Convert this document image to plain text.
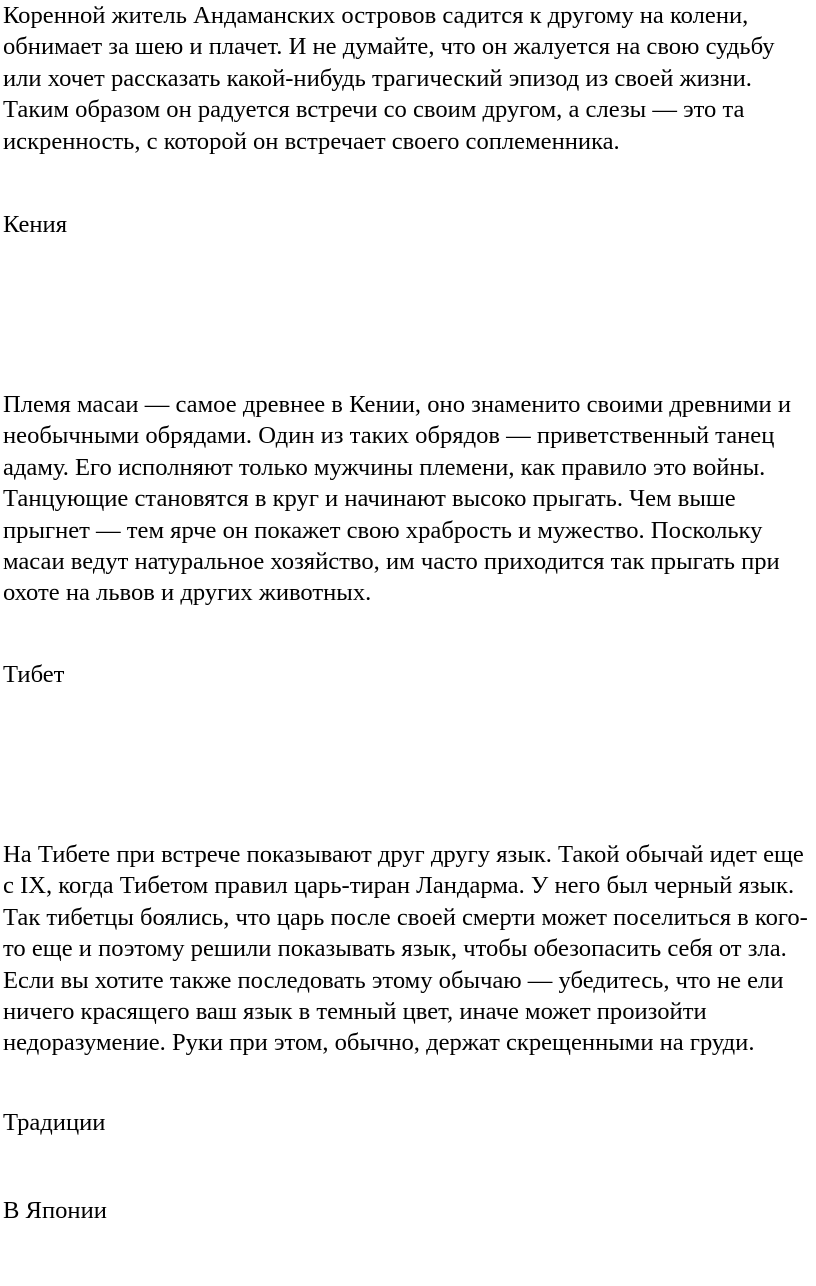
Коренной житель Андаманских островов садится к другому на колени, обнимает за шею и плачет. И не думайте, что он жалуется на свою судьбу или хочет рассказать какой-нибудь трагический эпизод из своей жизни. Таким образом он радуется встречи со своим другом, а слезы — это та искренность, с которой он встречает своего соплеменника.

Кения

Племя масаи — самое древнее в Кении, оно знаменито своими древними и необычными обрядами. Один из таких обрядов — приветственный танец адаму. Его исполняют только мужчины племени, как правило это войны. Танцующие становятся в круг и начинают высоко прыгать. Чем выше прыгнет — тем ярче он покажет свою храбрость и мужество. Поскольку масаи ведут натуральное хозяйство, им часто приходится так прыгать при охоте на львов и других животных.

Тибет

На Тибете при встрече показывают друг другу язык. Такой обычай идет еще с IX, когда Тибетом правил царь-тиран Ландарма. У него был черный язык. Так тибетцы боялись, что царь после своей смерти может поселиться в кого-то еще и поэтому решили показывать язык, чтобы обезопасить себя от зла. Если вы хотите также последовать этому обычаю — убедитесь, что не ели ничего красящего ваш язык в темный цвет, иначе может произойти недоразумение. Руки при этом, обычно, держат скрещенными на груди.

Традиции
В Японии
